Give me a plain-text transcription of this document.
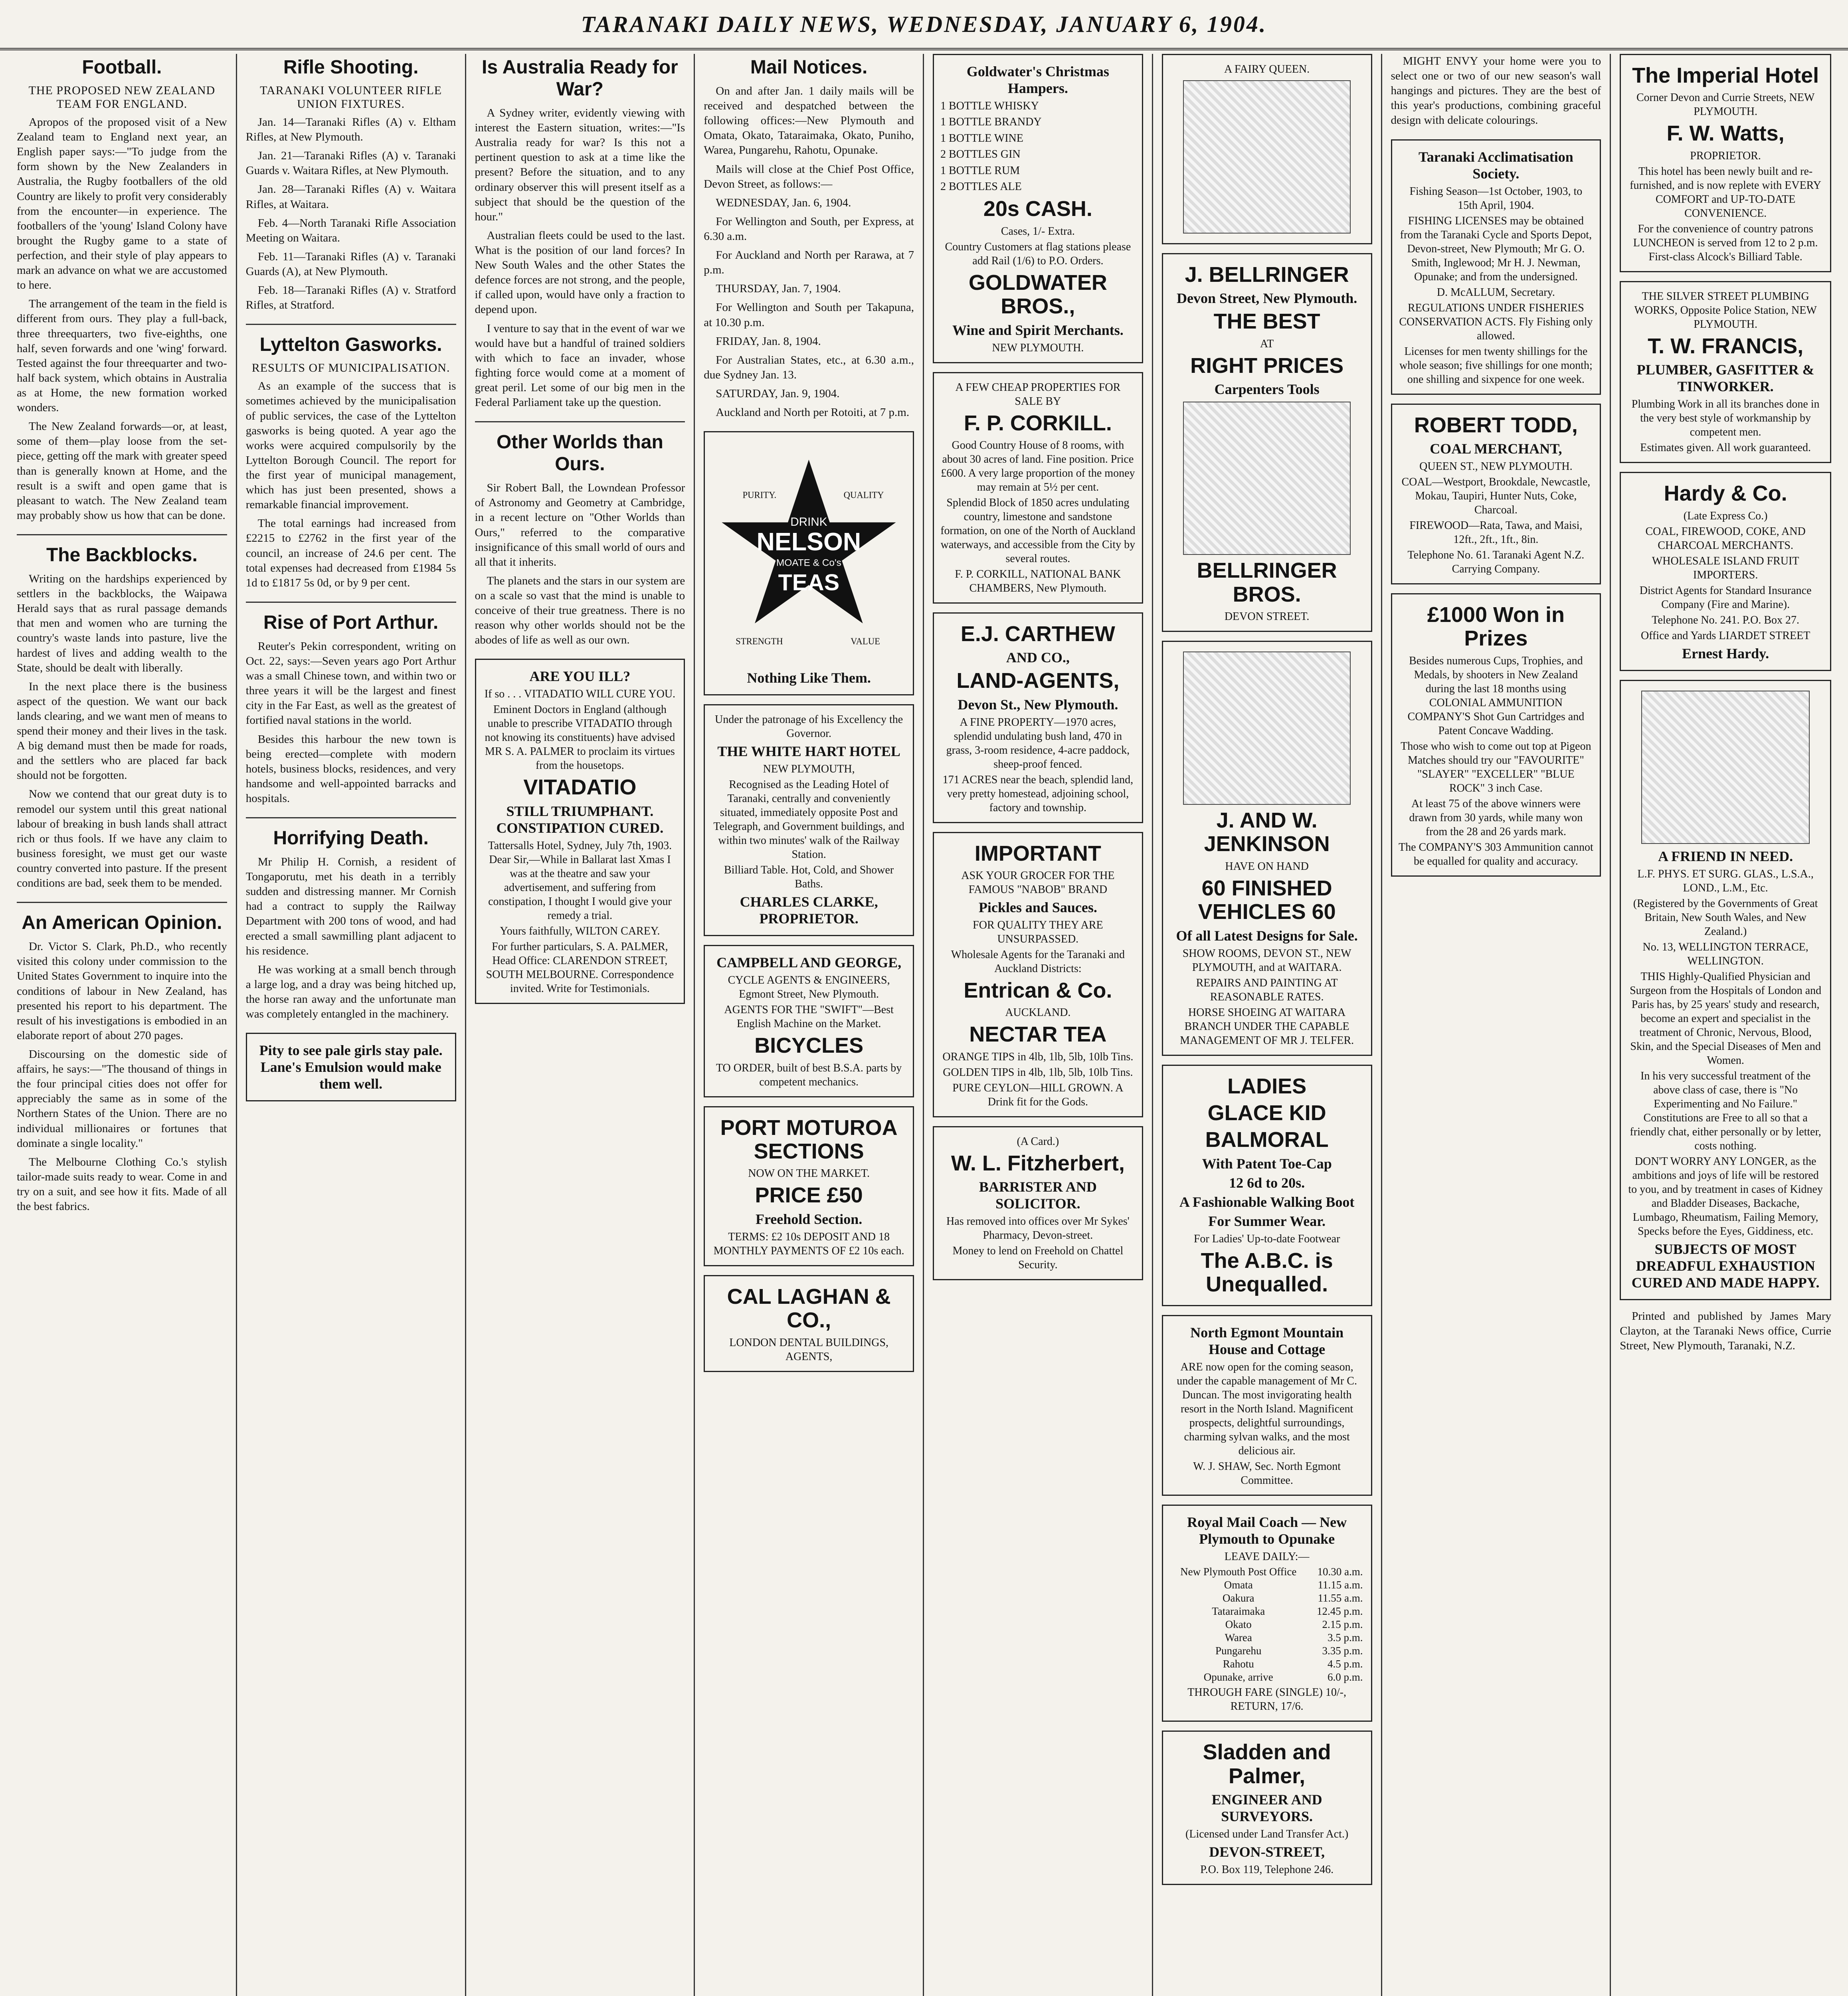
TARANAKI DAILY NEWS, WEDNESDAY, JANUARY 6, 1904.
Football.
THE PROPOSED NEW ZEALAND TEAM FOR ENGLAND.

Apropos of the proposed visit of a New Zealand team to England next year, an English paper says:—"To judge from the form shown by the New Zealanders in Australia, the Rugby footballers of the old Country are likely to profit very considerably from the encounter—in experience. The footballers of the 'young' Island Colony have brought the Rugby game to a state of perfection, and their style of play appears to mark an advance on what we are accustomed to here.

The arrangement of the team in the field is different from ours. They play a full-back, three threequarters, two five-eighths, one half, seven forwards and one 'wing' forward. Tested against the four threequarter and two-half back system, which obtains in Australia as at Home, the new formation worked wonders.

The New Zealand forwards—or, at least, some of them—play loose from the set-piece, getting off the mark with greater speed than is generally known at Home, and the result is a swift and open game that is pleasant to watch. The New Zealand team may probably show us how that can be done.

The Backblocks.

Writing on the hardships experienced by settlers in the backblocks, the Waipawa Herald says that as rural passage demands that men and women who are turning the country's waste lands into pasture, live the hardest of lives and adding wealth to the State, should be dealt with liberally.

In the next place there is the business aspect of the question. We want our back lands clearing, and we want men of means to spend their money and their lives in the task. A big demand must then be made for roads, and the settlers who are placed far back should not be forgotten.

Now we contend that our great duty is to remodel our system until this great national labour of breaking in bush lands shall attract rich or thus fools. If we have any claim to business foresight, we must get our waste country converted into pasture. If the present conditions are bad, seek them to be mended.

An American Opinion.

Dr. Victor S. Clark, Ph.D., who recently visited this colony under commission to the United States Government to inquire into the conditions of labour in New Zealand, has presented his report to his department. The result of his investigations is embodied in an elaborate report of about 270 pages.

Discoursing on the domestic side of affairs, he says:—"The thousand of things in the four principal cities does not offer for appreciably the same as in some of the Northern States of the Union. There are no individual millionaires or fortunes that dominate a single locality."

The Melbourne Clothing Co.'s stylish tailor-made suits ready to wear. Come in and try on a suit, and see how it fits. Made of all the best fabrics.

Rifle Shooting.
TARANAKI VOLUNTEER RIFLE UNION FIXTURES.

Jan. 14—Taranaki Rifles (A) v. Eltham Rifles, at New Plymouth.

Jan. 21—Taranaki Rifles (A) v. Taranaki Guards v. Waitara Rifles, at New Plymouth.

Jan. 28—Taranaki Rifles (A) v. Waitara Rifles, at Waitara.

Feb. 4—North Taranaki Rifle Association Meeting on Waitara.

Feb. 11—Taranaki Rifles (A) v. Taranaki Guards (A), at New Plymouth.

Feb. 18—Taranaki Rifles (A) v. Stratford Rifles, at Stratford.

Lyttelton Gasworks.
RESULTS OF MUNICIPALISATION.

As an example of the success that is sometimes achieved by the municipalisation of public services, the case of the Lyttelton gasworks is being quoted. A year ago the works were acquired compulsorily by the Lyttelton Borough Council. The report for the first year of municipal management, which has just been presented, shows a remarkable financial improvement.

The total earnings had increased from £2215 to £2762 in the first year of the council, an increase of 24.6 per cent. The total expenses had decreased from £1984 5s 1d to £1817 5s 0d, or by 9 per cent.

Rise of Port Arthur.

Reuter's Pekin correspondent, writing on Oct. 22, says:—Seven years ago Port Arthur was a small Chinese town, and within two or three years it will be the largest and finest city in the Far East, as well as the greatest of fortified naval stations in the world.

Besides this harbour the new town is being erected—complete with modern hotels, business blocks, residences, and very handsome and well-appointed barracks and hospitals.

Horrifying Death.

Mr Philip H. Cornish, a resident of Tongaporutu, met his death in a terribly sudden and distressing manner. Mr Cornish had a contract to supply the Railway Department with 200 tons of wood, and had erected a small sawmilling plant adjacent to his residence.

He was working at a small bench through a large log, and a dray was being hitched up, the horse ran away and the unfortunate man was completely entangled in the machinery.

Pity to see pale girls stay pale. Lane's Emulsion would make them well.
Is Australia Ready for War?

A Sydney writer, evidently viewing with interest the Eastern situation, writes:—"Is Australia ready for war? Is this not a pertinent question to ask at a time like the present? Before the situation, and to any ordinary observer this will present itself as a subject that should be the question of the hour."

Australian fleets could be used to the last. What is the position of our land forces? In New South Wales and the other States the defence forces are not strong, and the people, if called upon, would have only a fraction to depend upon.

I venture to say that in the event of war we would have but a handful of trained soldiers with which to face an invader, whose fighting force would come at a moment of great peril. Let some of our big men in the Federal Parliament take up the question.

Other Worlds than Ours.

Sir Robert Ball, the Lowndean Professor of Astronomy and Geometry at Cambridge, in a recent lecture on "Other Worlds than Ours," referred to the comparative insignificance of this small world of ours and all that it inherits.

The planets and the stars in our system are on a scale so vast that the mind is unable to conceive of their true greatness. There is no reason why other worlds should not be the abodes of life as well as our own.

ARE YOU ILL?
If so . . . VITADATIO WILL CURE YOU.
Eminent Doctors in England (although unable to prescribe VITADATIO through not knowing its constituents) have advised MR S. A. PALMER to proclaim its virtues from the housetops.
VITADATIO
STILL TRIUMPHANT. CONSTIPATION CURED.
Tattersalls Hotel, Sydney, July 7th, 1903. Dear Sir,—While in Ballarat last Xmas I was at the theatre and saw your advertisement, and suffering from constipation, I thought I would give your remedy a trial.
Yours faithfully, WILTON CAREY.
For further particulars, S. A. PALMER, Head Office: CLARENDON STREET, SOUTH MELBOURNE. Correspondence invited. Write for Testimonials.
Mail Notices.

On and after Jan. 1 daily mails will be received and despatched between the following offices:—New Plymouth and Omata, Okato, Tataraimaka, Okato, Puniho, Warea, Pungarehu, Rahotu, Opunake.

Mails will close at the Chief Post Office, Devon Street, as follows:—

WEDNESDAY, Jan. 6, 1904.

For Wellington and South, per Express, at 6.30 a.m.

For Auckland and North per Rarawa, at 7 p.m.

THURSDAY, Jan. 7, 1904.

For Wellington and South per Takapuna, at 10.30 p.m.

FRIDAY, Jan. 8, 1904.

For Australian States, etc., at 6.30 a.m., due Sydney Jan. 13.

SATURDAY, Jan. 9, 1904.

Auckland and North per Rotoiti, at 7 p.m.

DRINK
NELSON
MOATE & Co's
TEAS
PURITY.	QUALITY
STRENGTH	VALUE
Nothing Like Them.
Under the patronage of his Excellency the Governor.
THE WHITE HART HOTEL
NEW PLYMOUTH,
Recognised as the Leading Hotel of Taranaki, centrally and conveniently situated, immediately opposite Post and Telegraph, and Government buildings, and within two minutes' walk of the Railway Station.
Billiard Table. Hot, Cold, and Shower Baths.
CHARLES CLARKE, PROPRIETOR.
CAMPBELL AND GEORGE,
CYCLE AGENTS & ENGINEERS, Egmont Street, New Plymouth.
AGENTS FOR THE "SWIFT"—Best English Machine on the Market.
BICYCLES
TO ORDER, built of best B.S.A. parts by competent mechanics.
PORT MOTUROA SECTIONS
NOW ON THE MARKET.
PRICE £50
Freehold Section.
TERMS: £2 10s DEPOSIT AND 18 MONTHLY PAYMENTS OF £2 10s each.
CAL LAGHAN & CO.,
LONDON DENTAL BUILDINGS, AGENTS,
Goldwater's Christmas Hampers.
1 BOTTLE WHISKY
1 BOTTLE BRANDY
1 BOTTLE WINE
2 BOTTLES GIN
1 BOTTLE RUM
2 BOTTLES ALE
20s CASH.
Cases, 1/- Extra.
Country Customers at flag stations please add Rail (1/6) to P.O. Orders.
GOLDWATER BROS.,
Wine and Spirit Merchants.
NEW PLYMOUTH.
A FEW CHEAP PROPERTIES FOR SALE BY
F. P. CORKILL.
Good Country House of 8 rooms, with about 30 acres of land. Fine position. Price £600. A very large proportion of the money may remain at 5½ per cent.
Splendid Block of 1850 acres undulating country, limestone and sandstone formation, on one of the North of Auckland waterways, and accessible from the City by several routes.
F. P. CORKILL, NATIONAL BANK CHAMBERS, New Plymouth.
E.J. CARTHEW
AND CO.,
LAND-AGENTS,
Devon St., New Plymouth.
A FINE PROPERTY—1970 acres, splendid undulating bush land, 470 in grass, 3-room residence, 4-acre paddock, sheep-proof fenced.
171 ACRES near the beach, splendid land, very pretty homestead, adjoining school, factory and township.
IMPORTANT
ASK YOUR GROCER FOR THE FAMOUS "NABOB" BRAND
Pickles and Sauces.
FOR QUALITY THEY ARE UNSURPASSED.
Wholesale Agents for the Taranaki and Auckland Districts:
Entrican & Co.
AUCKLAND.
NECTAR TEA
ORANGE TIPS in 4lb, 1lb, 5lb, 10lb Tins.
GOLDEN TIPS in 4lb, 1lb, 5lb, 10lb Tins.
PURE CEYLON—HILL GROWN. A Drink fit for the Gods.
(A Card.)
W. L. Fitzherbert,
BARRISTER AND SOLICITOR.
Has removed into offices over Mr Sykes' Pharmacy, Devon-street.
Money to lend on Freehold on Chattel Security.
A FAIRY QUEEN.
J. BELLRINGER
Devon Street, New Plymouth.
THE BEST
AT
RIGHT PRICES
Carpenters Tools
BELLRINGER BROS.
DEVON STREET.
J. AND W. JENKINSON
HAVE ON HAND
60 FINISHED VEHICLES 60
Of all Latest Designs for Sale.
SHOW ROOMS, DEVON ST., NEW PLYMOUTH, and at WAITARA.
REPAIRS AND PAINTING AT REASONABLE RATES.
HORSE SHOEING AT WAITARA BRANCH UNDER THE CAPABLE MANAGEMENT OF MR J. TELFER.
LADIES
GLACE KID
BALMORAL
With Patent Toe-Cap
12 6d to 20s.
A Fashionable Walking Boot
For Summer Wear.
For Ladies' Up-to-date Footwear
The A.B.C. is Unequalled.
North Egmont Mountain House and Cottage
ARE now open for the coming season, under the capable management of Mr C. Duncan. The most invigorating health resort in the North Island. Magnificent prospects, delightful surroundings, charming sylvan walks, and the most delicious air.
W. J. SHAW, Sec. North Egmont Committee.
Royal Mail Coach — New Plymouth to Opunake
LEAVE DAILY:—
New Plymouth Post Office	10.30 a.m.
Omata	11.15 a.m.
Oakura	11.55 a.m.
Tataraimaka	12.45 p.m.
Okato	2.15 p.m.
Warea	3.5 p.m.
Pungarehu	3.35 p.m.
Rahotu	4.5 p.m.
Opunake, arrive	6.0 p.m.
THROUGH FARE (SINGLE) 10/-, RETURN, 17/6.
Sladden and Palmer,
ENGINEER AND SURVEYORS.
(Licensed under Land Transfer Act.)
DEVON-STREET,
P.O. Box 119, Telephone 246.

MIGHT ENVY your home were you to select one or two of our new season's wall hangings and pictures. They are the best of this year's productions, combining graceful design with delicate colourings.

Taranaki Acclimatisation Society.
Fishing Season—1st October, 1903, to 15th April, 1904.
FISHING LICENSES may be obtained from the Taranaki Cycle and Sports Depot, Devon-street, New Plymouth; Mr G. O. Smith, Inglewood; Mr H. J. Newman, Opunake; and from the undersigned.
D. McALLUM, Secretary.
REGULATIONS UNDER FISHERIES CONSERVATION ACTS. Fly Fishing only allowed.
Licenses for men twenty shillings for the whole season; five shillings for one month; one shilling and sixpence for one week.
ROBERT TODD,
COAL MERCHANT,
QUEEN ST., NEW PLYMOUTH.
COAL—Westport, Brookdale, Newcastle, Mokau, Taupiri, Hunter Nuts, Coke, Charcoal.
FIREWOOD—Rata, Tawa, and Maisi, 12ft., 2ft., 1ft., 8in.
Telephone No. 61. Taranaki Agent N.Z. Carrying Company.
£1000 Won in Prizes
Besides numerous Cups, Trophies, and Medals, by shooters in New Zealand during the last 18 months using COLONIAL AMMUNITION COMPANY'S Shot Gun Cartridges and Patent Concave Wadding.
Those who wish to come out top at Pigeon Matches should try our "FAVOURITE" "SLAYER" "EXCELLER" "BLUE ROCK" 3 inch Case.
At least 75 of the above winners were drawn from 30 yards, while many won from the 28 and 26 yards mark.
The COMPANY'S 303 Ammunition cannot be equalled for quality and accuracy.
The Imperial Hotel
Corner Devon and Currie Streets, NEW PLYMOUTH.
F. W. Watts,
PROPRIETOR.
This hotel has been newly built and re-furnished, and is now replete with EVERY COMFORT and UP-TO-DATE CONVENIENCE.
For the convenience of country patrons LUNCHEON is served from 12 to 2 p.m. First-class Alcock's Billiard Table.
THE SILVER STREET PLUMBING WORKS, Opposite Police Station, NEW PLYMOUTH.
T. W. FRANCIS,
PLUMBER, GASFITTER & TINWORKER.
Plumbing Work in all its branches done in the very best style of workmanship by competent men.
Estimates given. All work guaranteed.
Hardy & Co.
(Late Express Co.)
COAL, FIREWOOD, COKE, AND CHARCOAL MERCHANTS.
WHOLESALE ISLAND FRUIT IMPORTERS.
District Agents for Standard Insurance Company (Fire and Marine).
Telephone No. 241. P.O. Box 27.
Office and Yards LIARDET STREET
Ernest Hardy.
A FRIEND IN NEED.
L.F. PHYS. ET SURG. GLAS., L.S.A., LOND., L.M., Etc.
(Registered by the Governments of Great Britain, New South Wales, and New Zealand.)
No. 13, WELLINGTON TERRACE, WELLINGTON.
THIS Highly-Qualified Physician and Surgeon from the Hospitals of London and Paris has, by 25 years' study and research, become an expert and specialist in the treatment of Chronic, Nervous, Blood, Skin, and the Special Diseases of Men and Women.
In his very successful treatment of the above class of case, there is "No Experimenting and No Failure." Constitutions are Free to all so that a friendly chat, either personally or by letter, costs nothing.
DON'T WORRY ANY LONGER, as the ambitions and joys of life will be restored to you, and by treatment in cases of Kidney and Bladder Diseases, Backache, Lumbago, Rheumatism, Failing Memory, Specks before the Eyes, Giddiness, etc.
SUBJECTS OF MOST DREADFUL EXHAUSTION CURED AND MADE HAPPY.

Printed and published by James Mary Clayton, at the Taranaki News office, Currie Street, New Plymouth, Taranaki, N.Z.
